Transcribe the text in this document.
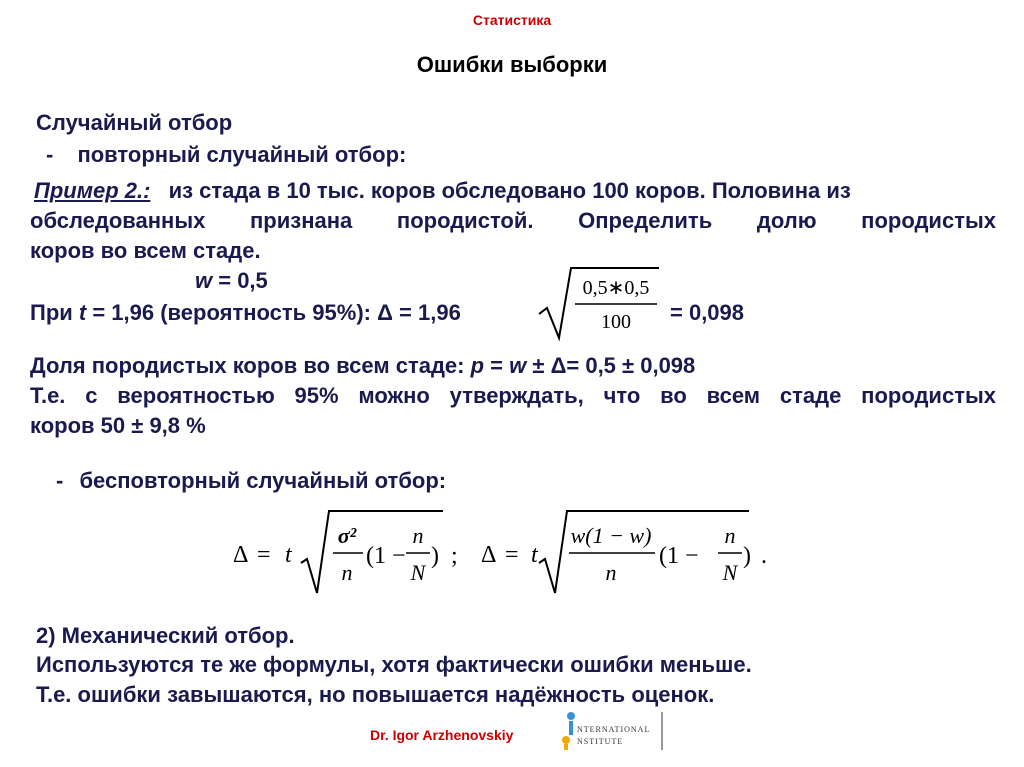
Статистика
Ошибки выборки
Случайный отбор
- повторный случайный отбор:
Пример 2.: из стада в 10 тыс. коров обследовано 100 коров. Половина из
обследованных признана породистой. Определить долю породистых
коров во всем стаде.
w = 0,5
При t = 1,96 (вероятность 95%): Δ = 1,96
0,5∗0,5
100 = 0,098
Доля породистых коров во всем стаде: p = w ± Δ= 0,5 ± 0,098
Т.е. с вероятностью 95% можно утверждать, что во всем стаде породистых
коров 50 ± 9,8 %
- бесповторный случайный отбор:
Δ = t
σ²
n
(1 −
n
N
) ; Δ = t
w(1 − w)
n
(1 −
n
N
) .
2) Механический отбор.
Используются те же формулы, хотя фактически ошибки меньше.
Т.е. ошибки завышаются, но повышается надёжность оценок.
Dr. Igor Arzhenovskiy	NTERNATIONAL
NSTITUTE
